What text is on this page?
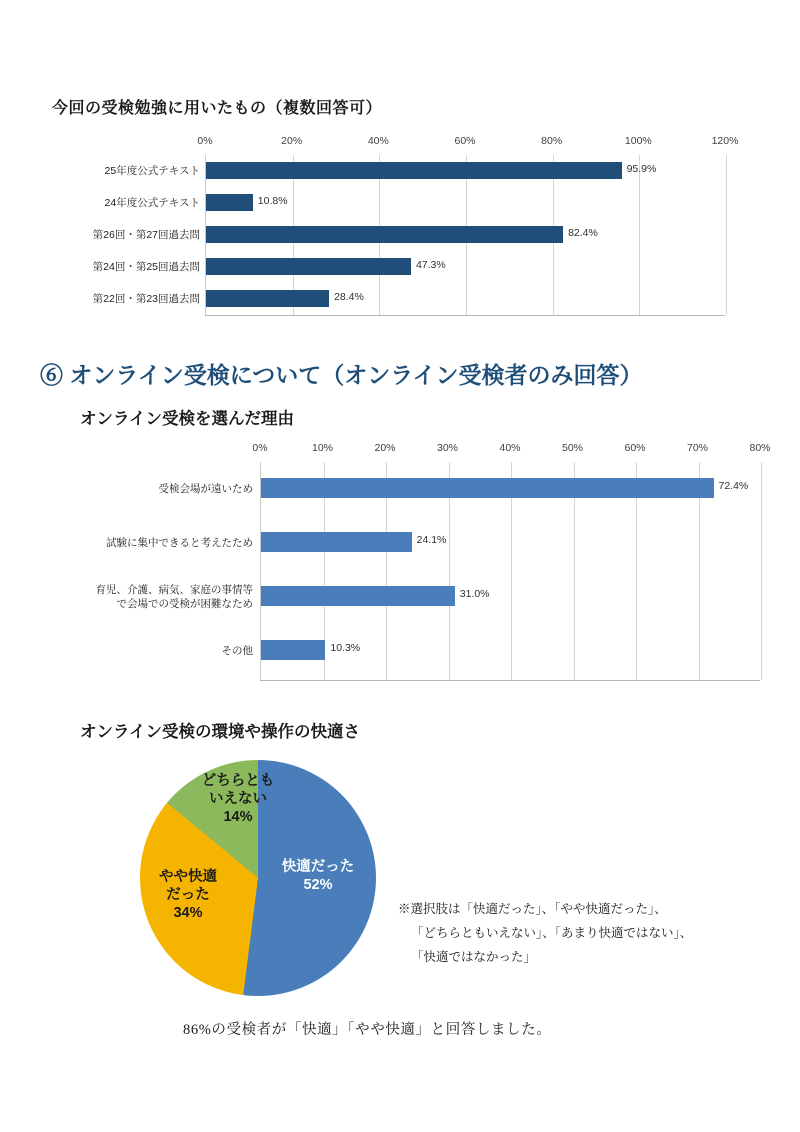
今回の受検勉強に用いたもの（複数回答可）
0%	20%	40%	60%	80%	100%	120%
25年度公式テキスト	95.9%
24年度公式テキスト	10.8%
第26回・第27回過去問	82.4%
第24回・第25回過去問	47.3%
第22回・第23回過去問	28.4%
⑥ オンライン受検について（オンライン受検者のみ回答）
オンライン受検を選んだ理由
0%	10%	20%	30%	40%	50%	60%	70%	80%
受検会場が遠いため	72.4%
試験に集中できると考えたため	24.1%
育児、介護、病気、家庭の事情等
で会場での受検が困難なため
31.0%
その他	10.3%
オンライン受検の環境や操作の快適さ
快適だった
52%
やや快適
だった
34%
どちらとも
いえない
14%
※選択肢は「快適だった」、「やや快適だった」、
「どちらともいえない」、「あまり快適ではない」、
「快適ではなかった」
86%の受検者が「快適」「やや快適」と回答しました。
